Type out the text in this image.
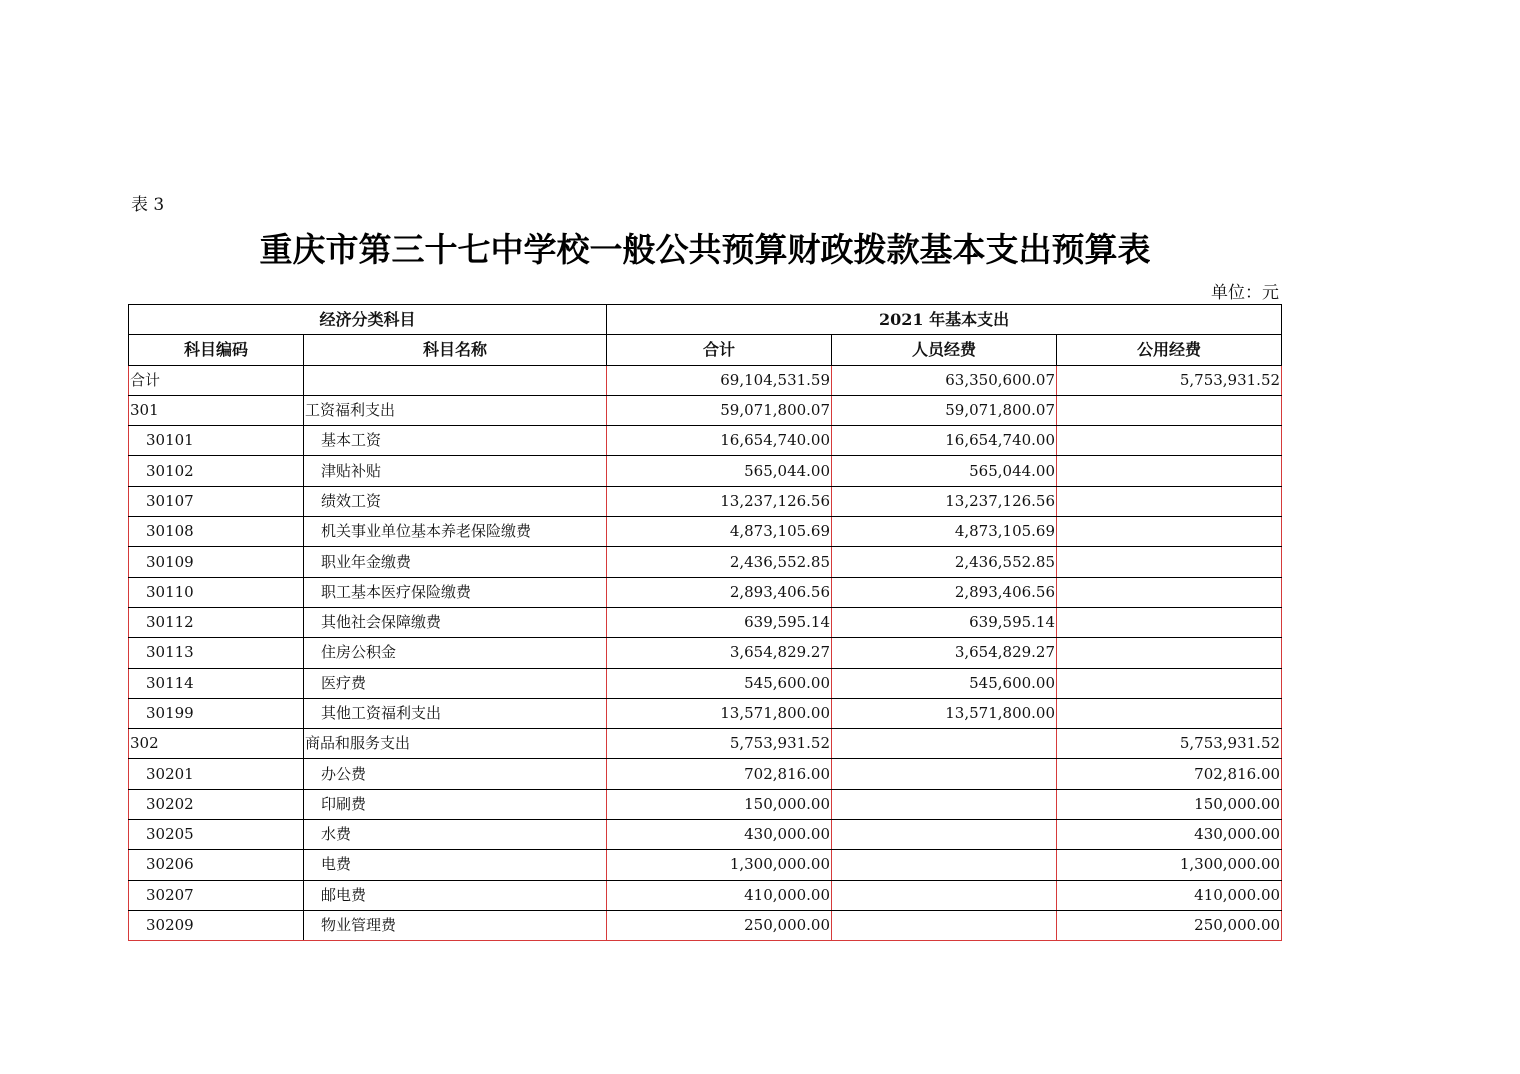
表 3
重庆市第三十七中学校一般公共预算财政拨款基本支出预算表
单位：元
经济分类科目		2021 年基本支出		
科目编码	科目名称	合计	人员经费	公用经费
合计		69,104,531.59	63,350,600.07	5,753,931.52
301	工资福利支出	59,071,800.07	59,071,800.07	
30101	基本工资	16,654,740.00	16,654,740.00	
30102	津贴补贴	565,044.00	565,044.00	
30107	绩效工资	13,237,126.56	13,237,126.56	
30108	机关事业单位基本养老保险缴费	4,873,105.69	4,873,105.69	
30109	职业年金缴费	2,436,552.85	2,436,552.85	
30110	职工基本医疗保险缴费	2,893,406.56	2,893,406.56	
30112	其他社会保障缴费	639,595.14	639,595.14	
30113	住房公积金	3,654,829.27	3,654,829.27	
30114	医疗费	545,600.00	545,600.00	
30199	其他工资福利支出	13,571,800.00	13,571,800.00	
302	商品和服务支出	5,753,931.52		5,753,931.52
30201	办公费	702,816.00		702,816.00
30202	印刷费	150,000.00		150,000.00
30205	水费	430,000.00		430,000.00
30206	电费	1,300,000.00		1,300,000.00
30207	邮电费	410,000.00		410,000.00
30209	物业管理费	250,000.00		250,000.00
